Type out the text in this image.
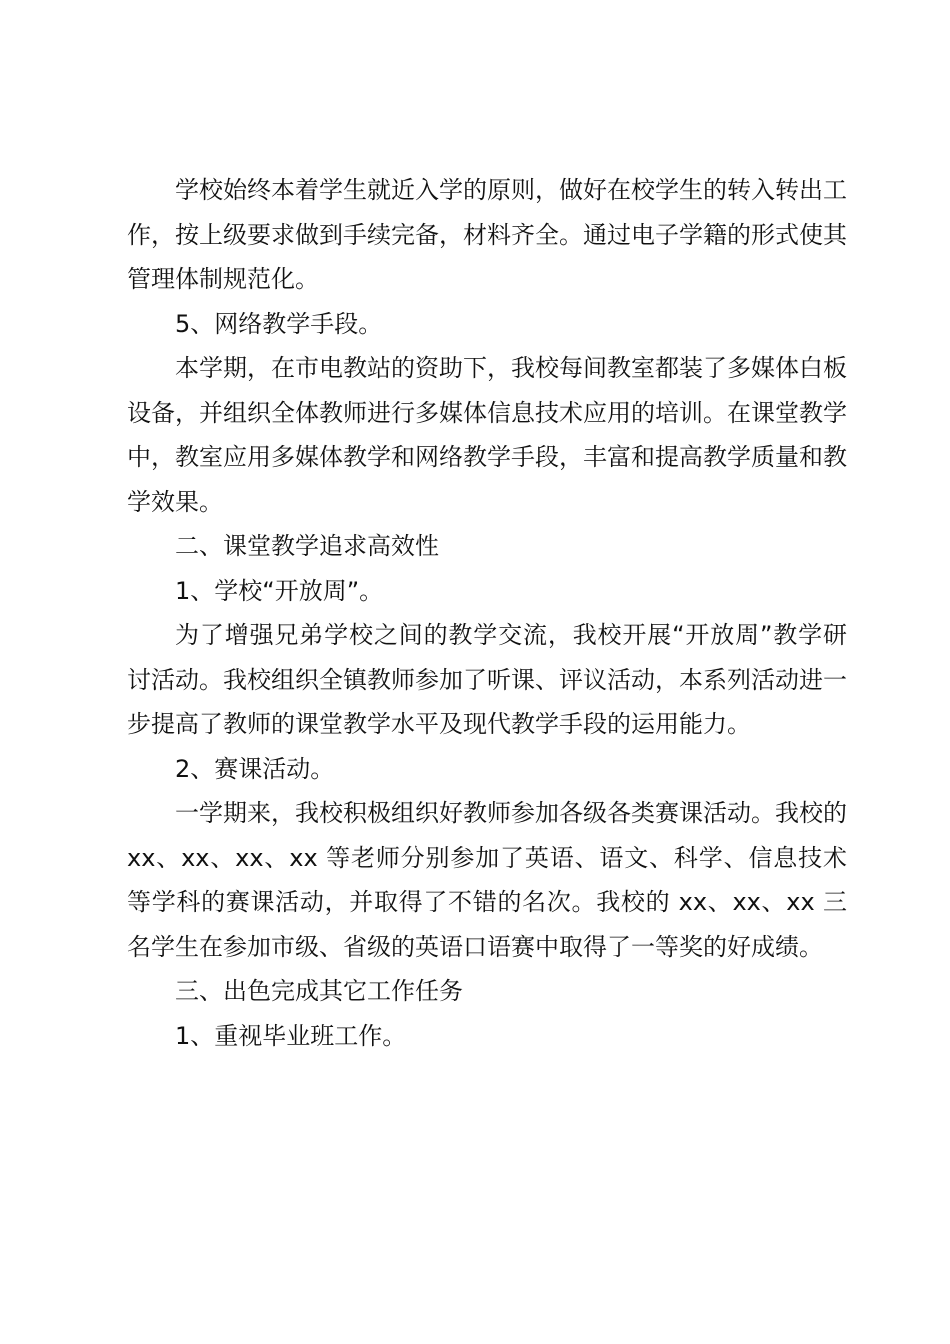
学校始终本着学生就近入学的原则，做好在校学生的转入转出工作，按上级要求做到手续完备，材料齐全。通过电子学籍的形式使其管理体制规范化。

5、网络教学手段。

本学期，在市电教站的资助下，我校每间教室都装了多媒体白板设备，并组织全体教师进行多媒体信息技术应用的培训。在课堂教学中，教室应用多媒体教学和网络教学手段，丰富和提高教学质量和教学效果。

二、课堂教学追求高效性

1、学校“开放周”。

为了增强兄弟学校之间的教学交流，我校开展“开放周”教学研讨活动。我校组织全镇教师参加了听课、评议活动，本系列活动进一步提高了教师的课堂教学水平及现代教学手段的运用能力。

2、赛课活动。

一学期来，我校积极组织好教师参加各级各类赛课活动。我校的 xx、xx、xx、xx 等老师分别参加了英语、语文、科学、信息技术等学科的赛课活动，并取得了不错的名次。我校的 xx、xx、xx 三名学生在参加市级、省级的英语口语赛中取得了一等奖的好成绩。

三、出色完成其它工作任务

1、重视毕业班工作。
